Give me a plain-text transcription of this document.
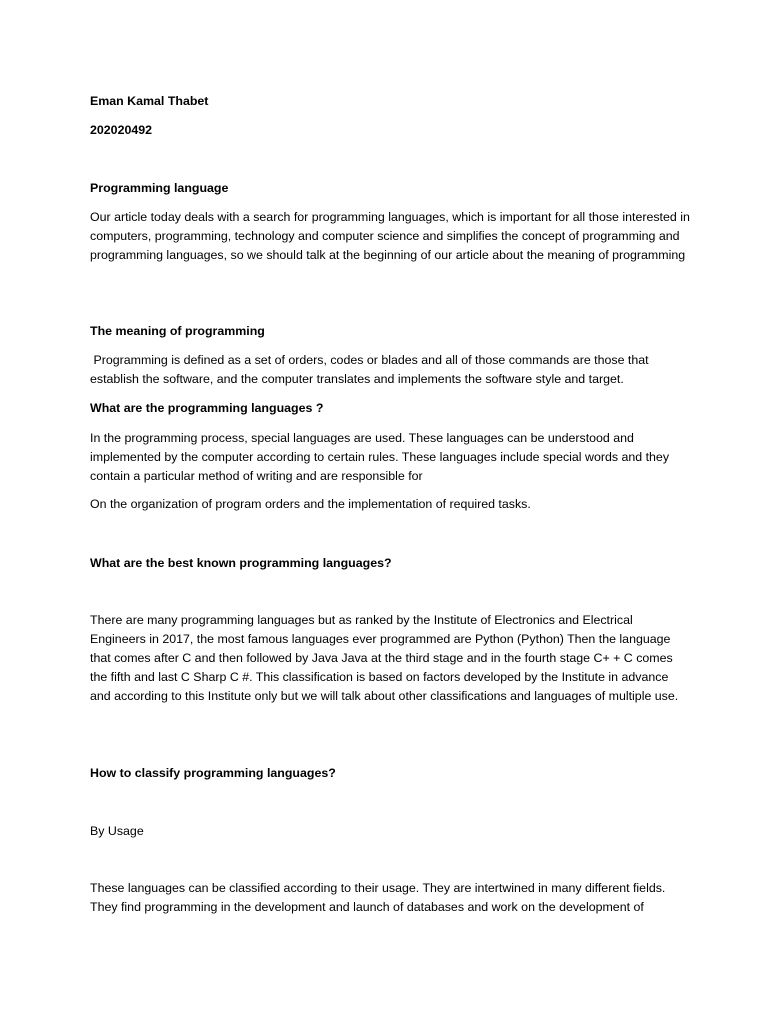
Eman Kamal Thabet

202020492

Programming language

Our article today deals with a search for programming languages, which is important for all those interested in computers, programming, technology and computer science and simplifies the concept of programming and programming languages, so we should talk at the beginning of our article about the meaning of programming

The meaning of programming

Programming is defined as a set of orders, codes or blades and all of those commands are those that establish the software, and the computer translates and implements the software style and target.

What are the programming languages ?

In the programming process, special languages are used. These languages can be understood and implemented by the computer according to certain rules. These languages include special words and they contain a particular method of writing and are responsible for

On the organization of program orders and the implementation of required tasks.

What are the best known programming languages?

There are many programming languages but as ranked by the Institute of Electronics and Electrical Engineers in 2017, the most famous languages ever programmed are Python (Python) Then the language that comes after C and then followed by Java Java at the third stage and in the fourth stage C+ + C comes the fifth and last C Sharp C #. This classification is based on factors developed by the Institute in advance and according to this Institute only but we will talk about other classifications and languages of multiple use.

How to classify programming languages?

By Usage

These languages can be classified according to their usage. They are intertwined in many different fields. They find programming in the development and launch of databases and work on the development of
